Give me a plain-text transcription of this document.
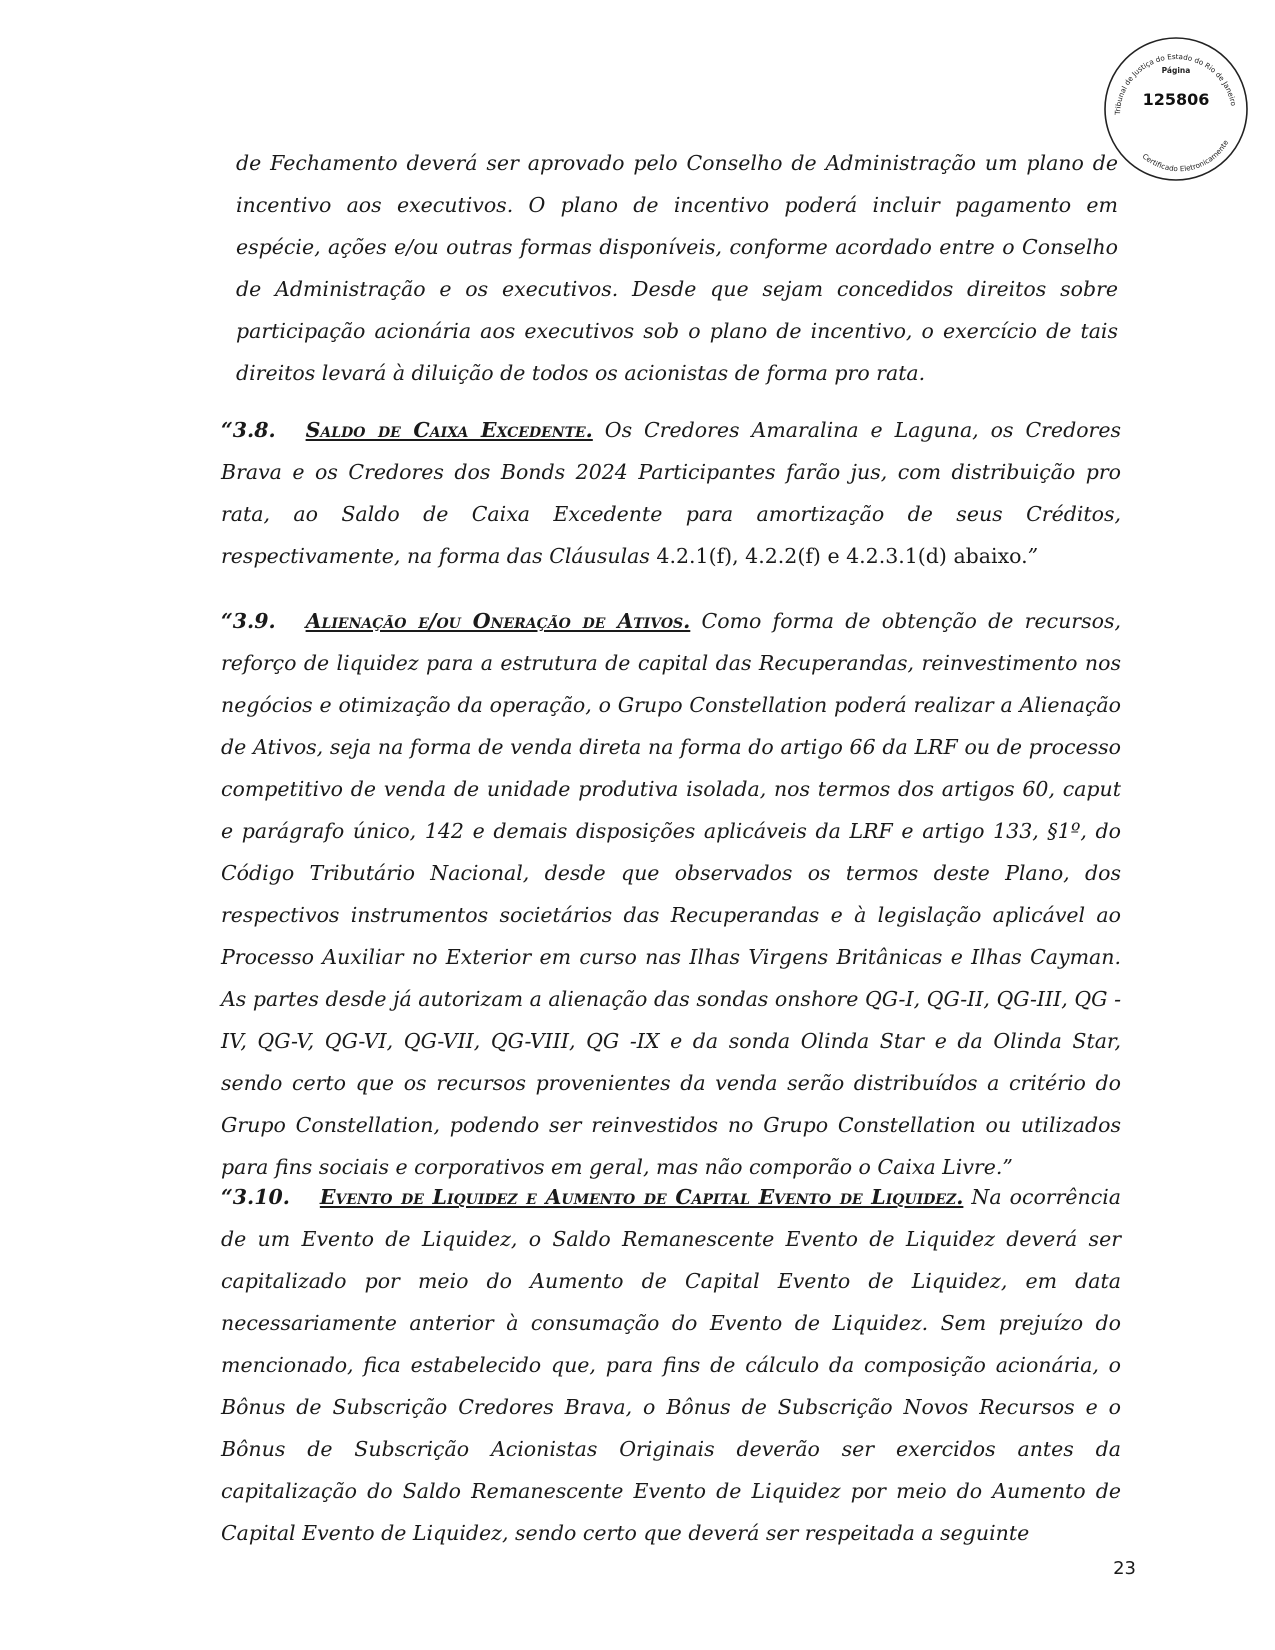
Tribunal de Justiça do Estado do Rio de Janeiro
Certificado Eletronicamente
Página
125806

de Fechamento deverá ser aprovado pelo Conselho de Administração um plano de incentivo aos executivos. O plano de incentivo poderá incluir pagamento em espécie, ações e/ou outras formas disponíveis, conforme acordado entre o Conselho de Administração e os executivos. Desde que sejam concedidos direitos sobre participação acionária aos executivos sob o plano de incentivo, o exercício de tais direitos levará à diluição de todos os acionistas de forma pro rata.

“3.8. Saldo de Caixa Excedente. Os Credores Amaralina e Laguna, os Credores Brava e os Credores dos Bonds 2024 Participantes farão jus, com distribuição pro rata, ao Saldo de Caixa Excedente para amortização de seus Créditos, respectivamente, na forma das Cláusulas 4.2.1(f), 4.2.2(f) e 4.2.3.1(d) abaixo.”

“3.9. Alienação e/ou Oneração de Ativos. Como forma de obtenção de recursos, reforço de liquidez para a estrutura de capital das Recuperandas, reinvestimento nos negócios e otimização da operação, o Grupo Constellation poderá realizar a Alienação de Ativos, seja na forma de venda direta na forma do artigo 66 da LRF ou de processo competitivo de venda de unidade produtiva isolada, nos termos dos artigos 60, caput e parágrafo único, 142 e demais disposições aplicáveis da LRF e artigo 133, §1º, do Código Tributário Nacional, desde que observados os termos deste Plano, dos respectivos instrumentos societários das Recuperandas e à legislação aplicável ao Processo Auxiliar no Exterior em curso nas Ilhas Virgens Britânicas e Ilhas Cayman. As partes desde já autorizam a alienação das sondas onshore QG-I, QG-II, QG-III, QG -IV, QG-V, QG-VI, QG-VII, QG-VIII, QG -IX e da sonda Olinda Star e da Olinda Star, sendo certo que os recursos provenientes da venda serão distribuídos a critério do Grupo Constellation, podendo ser reinvestidos no Grupo Constellation ou utilizados para fins sociais e corporativos em geral, mas não comporão o Caixa Livre.”

“3.10. Evento de Liquidez e Aumento de Capital Evento de Liquidez. Na ocorrência de um Evento de Liquidez, o Saldo Remanescente Evento de Liquidez deverá ser capitalizado por meio do Aumento de Capital Evento de Liquidez, em data necessariamente anterior à consumação do Evento de Liquidez. Sem prejuízo do mencionado, fica estabelecido que, para fins de cálculo da composição acionária, o Bônus de Subscrição Credores Brava, o Bônus de Subscrição Novos Recursos e o Bônus de Subscrição Acionistas Originais deverão ser exercidos antes da capitalização do Saldo Remanescente Evento de Liquidez por meio do Aumento de Capital Evento de Liquidez, sendo certo que deverá ser respeitada a seguinte

23
